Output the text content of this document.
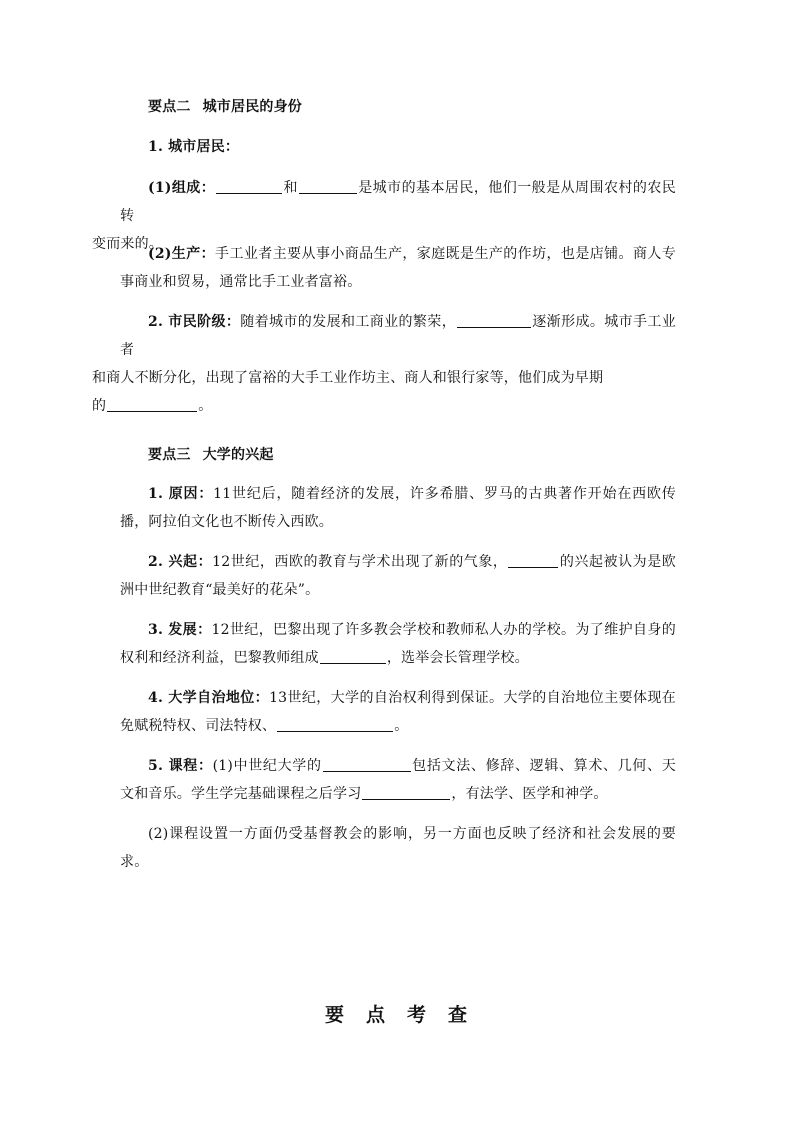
要点二 城市居民的身份
1. 城市居民：
(1)组成：	和	是城市的基本居民，他们一般是从周围农村的农民转
变而来的。
(2)生产：手工业者主要从事小商品生产，家庭既是生产的作坊，也是店铺。商人专事商业和贸易，通常比手工业者富裕。
2. 市民阶级：随着城市的发展和工商业的繁荣，	逐渐形成。城市手工业者
和商人不断分化，出现了富裕的大手工业作坊主、商人和银行家等，他们成为早期
的	。
要点三 大学的兴起
1. 原因：11世纪后，随着经济的发展，许多希腊、罗马的古典著作开始在西欧传播，阿拉伯文化也不断传入西欧。
2. 兴起：12世纪，西欧的教育与学术出现了新的气象，	的兴起被认为是欧洲中世纪教育“最美好的花朵”。
3. 发展：12世纪，巴黎出现了许多教会学校和教师私人办的学校。为了维护自身的权利和经济利益，巴黎教师组成	，选举会长管理学校。
4. 大学自治地位：13世纪，大学的自治权利得到保证。大学的自治地位主要体现在免赋税特权、司法特权、	。
5. 课程：(1)中世纪大学的	包括文法、修辞、逻辑、算术、几何、天文和音乐。学生学完基础课程之后学习	，有法学、医学和神学。
(2)课程设置一方面仍受基督教会的影响，另一方面也反映了经济和社会发展的要求。
要 点 考 查
